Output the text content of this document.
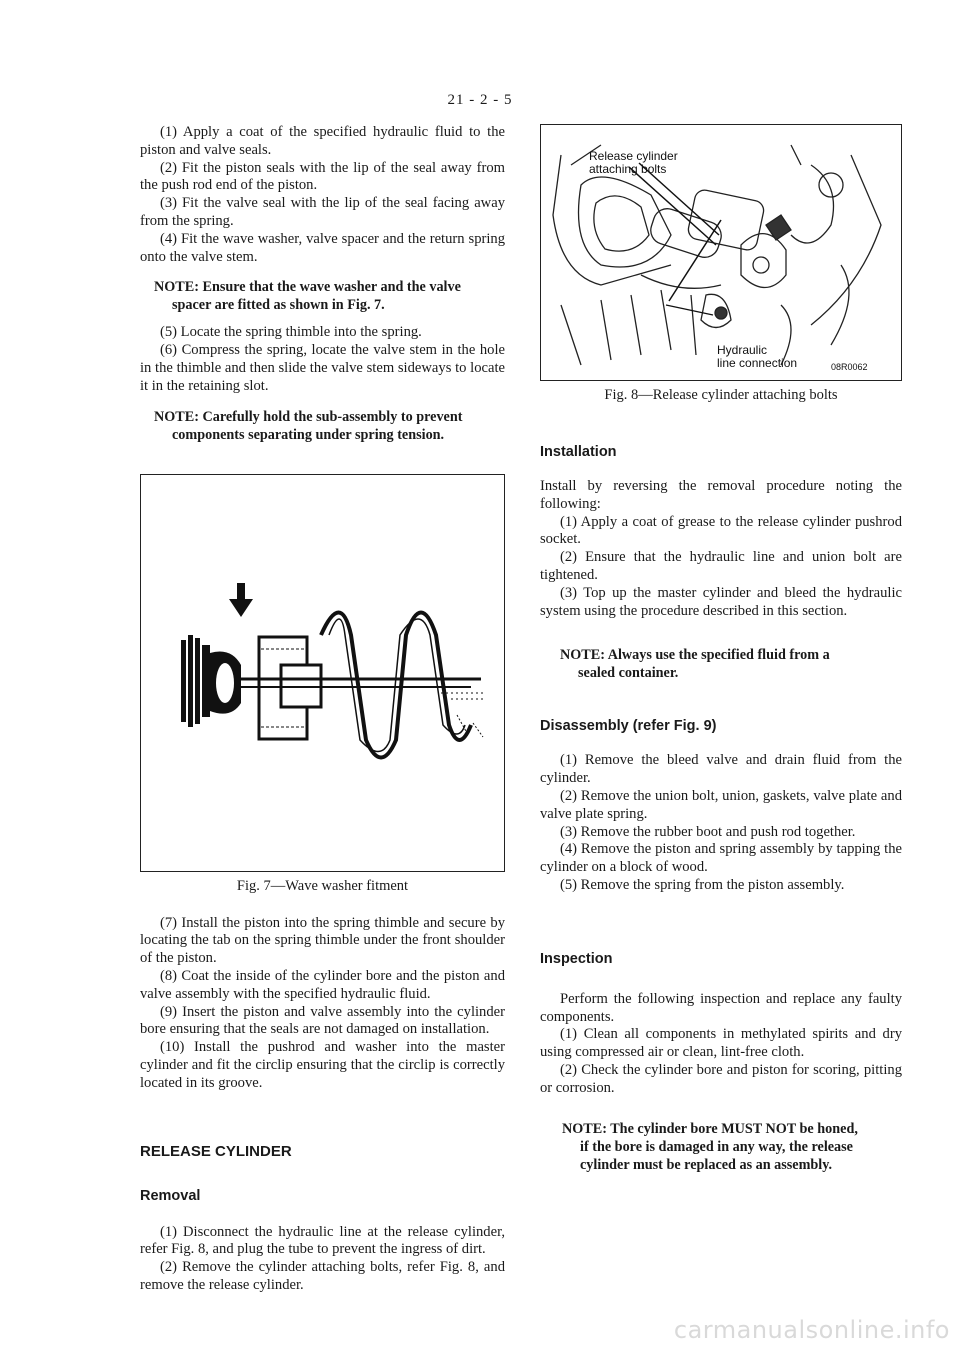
21 - 2 - 5

(1) Apply a coat of the specified hydraulic fluid to the piston and valve seals.

(2) Fit the piston seals with the lip of the seal away from the push rod end of the piston.

(3) Fit the valve seal with the lip of the seal facing away from the spring.

(4) Fit the wave washer, valve spacer and the return spring onto the valve stem.

NOTE: Ensure that the wave washer and the valve
spacer are fitted as shown in Fig. 7.

(5) Locate the spring thimble into the spring.

(6) Compress the spring, locate the valve stem in the hole in the thimble and then slide the valve stem sideways to locate it in the retaining slot.

NOTE: Carefully hold the sub-assembly to prevent
components separating under spring tension.
Fig. 7—Wave washer fitment

(7) Install the piston into the spring thimble and secure by locating the tab on the spring thimble under the front shoulder of the piston.

(8) Coat the inside of the cylinder bore and the piston and valve assembly with the specified hydraulic fluid.

(9) Insert the piston and valve assembly into the cylinder bore ensuring that the seals are not damaged on installation.

(10) Install the pushrod and washer into the master cylinder and fit the circlip ensuring that the circlip is correctly located in its groove.

RELEASE CYLINDER
Removal

(1) Disconnect the hydraulic line at the release cylinder, refer Fig. 8, and plug the tube to prevent the ingress of dirt.

(2) Remove the cylinder attaching bolts, refer Fig. 8, and remove the release cylinder.

Release cylinder
attaching bolts
Hydraulic
line connection	08R0062
Fig. 8—Release cylinder attaching bolts
Installation

Install by reversing the removal procedure noting the following:

(1) Apply a coat of grease to the release cylinder pushrod socket.

(2) Ensure that the hydraulic line and union bolt are tightened.

(3) Top up the master cylinder and bleed the hydraulic system using the procedure described in this section.

NOTE: Always use the specified fluid from a
sealed container.
Disassembly (refer Fig. 9)

(1) Remove the bleed valve and drain fluid from the cylinder.

(2) Remove the union bolt, union, gaskets, valve plate and valve plate spring.

(3) Remove the rubber boot and push rod together.

(4) Remove the piston and spring assembly by tapping the cylinder on a block of wood.

(5) Remove the spring from the piston assembly.

Inspection

Perform the following inspection and replace any faulty components.

(1) Clean all components in methylated spirits and dry using compressed air or clean, lint-free cloth.

(2) Check the cylinder bore and piston for scoring, pitting or corrosion.

NOTE: The cylinder bore MUST NOT be honed,
if the bore is damaged in any way, the release
cylinder must be replaced as an assembly.
carmanualsonline.info
